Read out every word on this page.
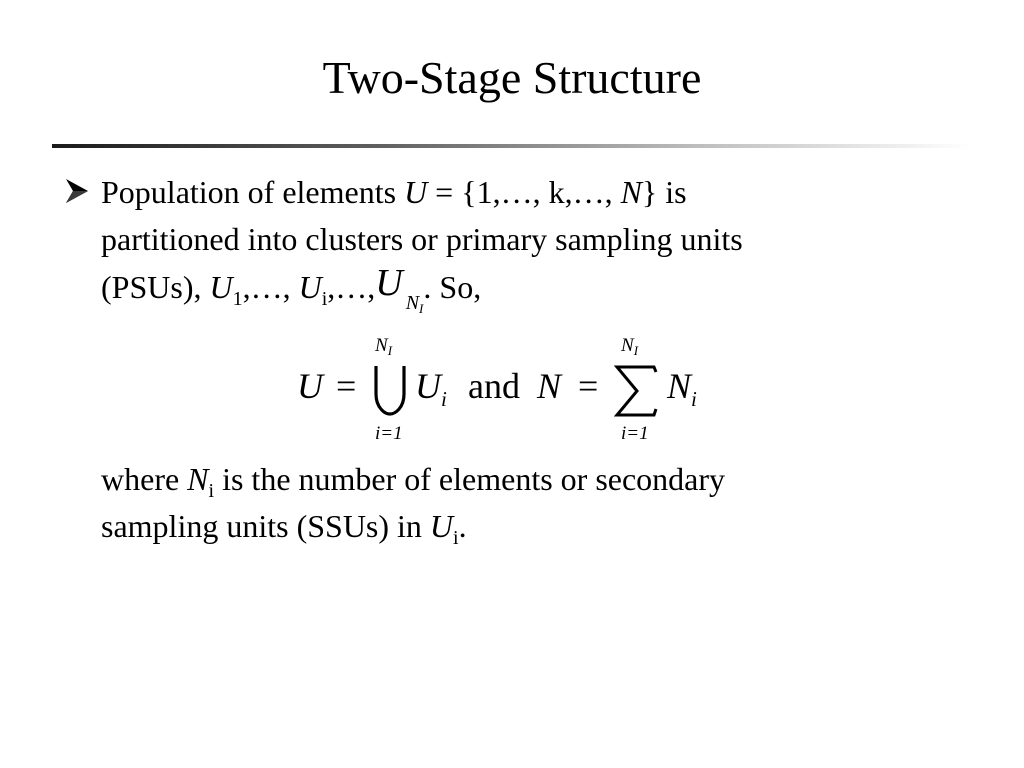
Two-Stage Structure
Population of elements U = {1,…, k,…, N} is
partitioned into clusters or primary sampling units
(PSUs), $U_1,\dots$, $U_i,\dots,U$ $_{N_I}$. So,
U =
$N_I$
i=1
$U_i$ and N =
$N_I$
i=1
$N_i$
where $N_i$ is the number of elements or secondary
sampling units (SSUs) in $U_i$.
